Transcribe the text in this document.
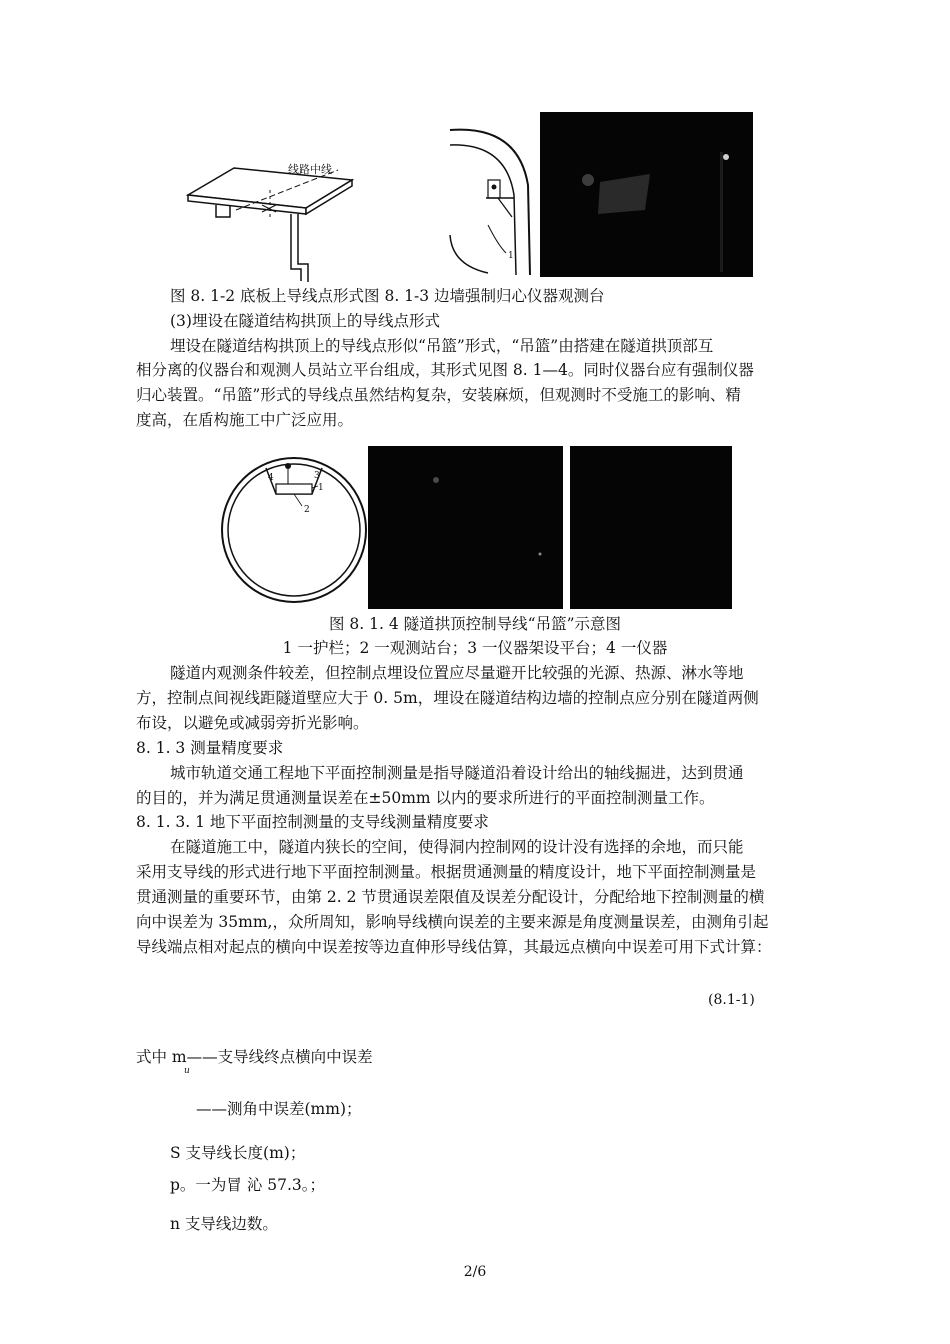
线路中线
1
图 8. 1-2 底板上导线点形式图 8. 1-3 边墙强制归心仪器观测台
(3)埋设在隧道结构拱顶上的导线点形式
埋设在隧道结构拱顶上的导线点形似“吊篮”形式，“吊篮”由搭建在隧道拱顶部互
相分离的仪器台和观测人员站立平台组成，其形式见图 8. 1—4。同时仪器台应有强制仪器
归心装置。“吊篮”形式的导线点虽然结构复杂，安装麻烦，但观测时不受施工的影响、精
度高，在盾构施工中广泛应用。
1
2
3
4
图 8. 1. 4 隧道拱顶控制导线“吊篮”示意图
1 一护栏；2 一观测站台；3 一仪器架设平台；4 一仪器
隧道内观测条件较差，但控制点埋设位置应尽量避开比较强的光源、热源、淋水等地
方，控制点间视线距隧道壁应大于 0. 5m，埋设在隧道结构边墙的控制点应分别在隧道两侧
布设，以避免或减弱旁折光影响。
8. 1. 3 测量精度要求
城市轨道交通工程地下平面控制测量是指导隧道沿着设计给出的轴线掘进，达到贯通
的目的，并为满足贯通测量误差在±50mm 以内的要求所进行的平面控制测量工作。
8. 1. 3. 1 地下平面控制测量的支导线测量精度要求
在隧道施工中，隧道内狭长的空间，使得洞内控制网的设计没有选择的余地，而只能
采用支导线的形式进行地下平面控制测量。根据贯通测量的精度设计，地下平面控制测量是
贯通测量的重要环节，由第 2. 2 节贯通误差限值及误差分配设计，分配给地下控制测量的横
向中误差为 35mm,，众所周知，影响导线横向误差的主要来源是角度测量误差，由测角引起
导线端点相对起点的横向中误差按等边直伸形导线估算，其最远点横向中误差可用下式计算：
(8.1-1)
式中 m——支导线终点横向中误差
u
——测角中误差(mm)；
S 支导线长度(m)；
p。一为冒 沁 57.3。；
n 支导线边数。
2/6
